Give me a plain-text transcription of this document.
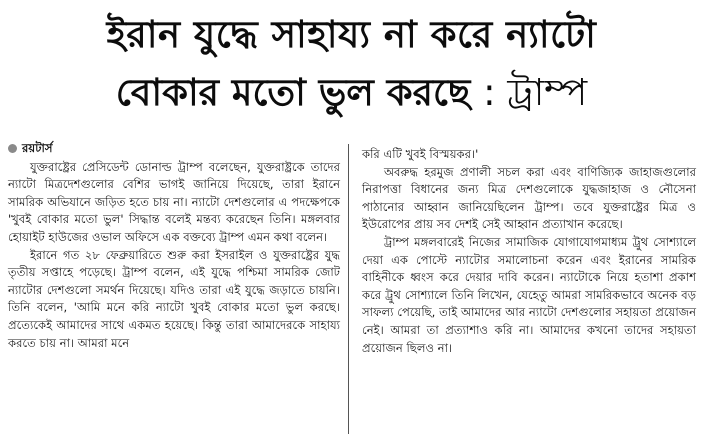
ইরান যুদ্ধে সাহায্য না করে ন্যাটো
বোকার মতো ভুল করছে : ট্রাম্প
রয়টার্স

যুক্তরাষ্ট্রের প্রেসিডেন্ট ডোনাল্ড ট্রাম্প বলেছেন, যুক্তরাষ্ট্রকে তাদের ন্যাটো মিত্রদেশগুলোর বেশির ভাগই জানিয়ে দিয়েছে, তারা ইরানে সামরিক অভিযানে জড়িত হতে চায় না। ন্যাটো দেশগুলোর এ পদক্ষেপকে 'খুবই বোকার মতো ভুল' সিদ্ধান্ত বলেই মন্তব্য করেছেন তিনি। মঙ্গলবার হোয়াইট হাউজের ওভাল অফিসে এক বক্তব্যে ট্রাম্প এমন কথা বলেন।

ইরানে গত ২৮ ফেব্রুয়ারিতে শুরু করা ইসরাইল ও যুক্তরাষ্ট্রের যুদ্ধ তৃতীয় সপ্তাহে পড়েছে। ট্রাম্প বলেন, এই যুদ্ধে পশ্চিমা সামরিক জোট ন্যাটোর দেশগুলো সমর্থন দিয়েছে। যদিও তারা এই যুদ্ধে জড়াতে চায়নি। তিনি বলেন, 'আমি মনে করি ন্যাটো খুবই বোকার মতো ভুল করছে। প্রত্যেকেই আমাদের সাথে একমত হয়েছে। কিন্তু তারা আমাদেরকে সাহায্য করতে চায় না। আমরা মনে

করি এটি খুবই বিস্ময়কর।'

অবরুদ্ধ হরমুজ প্রণালী সচল করা এবং বাণিজ্যিক জাহাজগুলোর নিরাপত্তা বিধানের জন্য মিত্র দেশগুলোকে যুদ্ধজাহাজ ও নৌসেনা পাঠানোর আহ্বান জানিয়েছিলেন ট্রাম্প। তবে যুক্তরাষ্ট্রের মিত্র ও ইউরোপের প্রায় সব দেশই সেই আহ্বান প্রত্যাখান করেছে।

ট্রাম্প মঙ্গলবারেই নিজের সামাজিক যোগাযোগমাধ্যম ট্রুথ সোশ্যালে দেয়া এক পোস্টে ন্যাটোর সমালোচনা করেন এবং ইরানের সামরিক বাহিনীকে ধ্বংস করে দেয়ার দাবি করেন। ন্যাটোকে নিয়ে হতাশা প্রকাশ করে ট্রুথ সোশ্যালে তিনি লিখেন, যেহেতু আমরা সামরিকভাবে অনেক বড় সাফল্য পেয়েছি, তাই আমাদের আর ন্যাটো দেশগুলোর সহায়তা প্রয়োজন নেই। আমরা তা প্রত্যাশাও করি না। আমাদের কখনো তাদের সহায়তা প্রয়োজন ছিলও না।
